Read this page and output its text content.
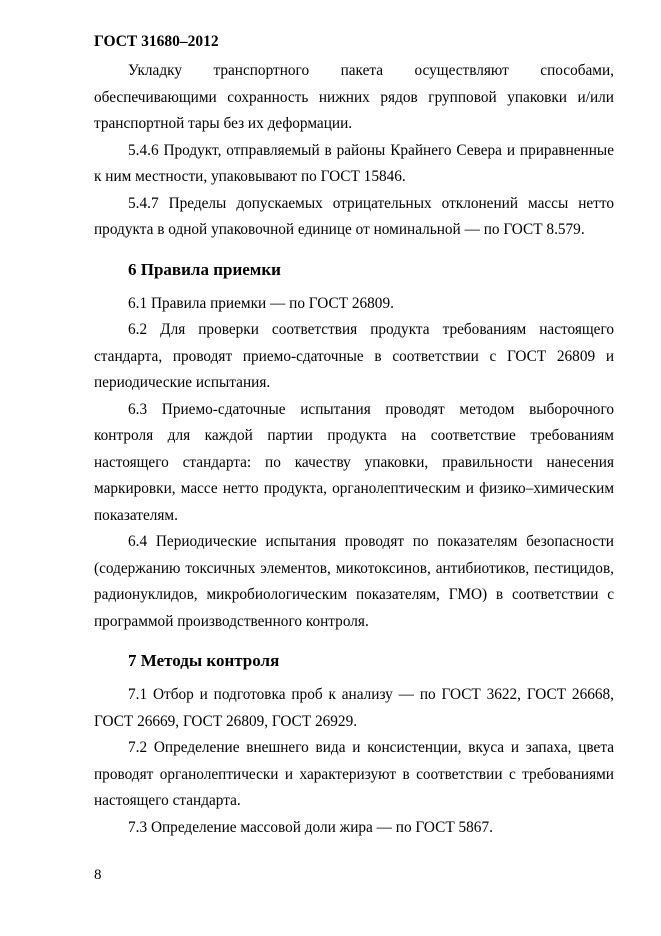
ГОСТ 31680–2012

Укладку транспортного пакета осуществляют способами, обеспечивающими сохранность нижних рядов групповой упаковки и/или транспортной тары без их деформации.

5.4.6 Продукт, отправляемый в районы Крайнего Севера и приравненные к ним местности, упаковывают по ГОСТ 15846.

5.4.7 Пределы допускаемых отрицательных отклонений массы нетто продукта в одной упаковочной единице от номинальной –– по ГОСТ 8.579.

6 Правила приемки

6.1 Правила приемки — по ГОСТ 26809.

6.2 Для проверки соответствия продукта требованиям настоящего стандарта, проводят приемо-сдаточные в соответствии с ГОСТ 26809 и периодические испытания.

6.3 Приемо-сдаточные испытания проводят методом выборочного контроля для каждой партии продукта на соответствие требованиям настоящего стандарта: по качеству упаковки, правильности нанесения маркировки, массе нетто продукта, органолептическим и физико–химическим показателям.

6.4 Периодические испытания проводят по показателям безопасности (содержанию токсичных элементов, микотоксинов, антибиотиков, пестицидов, радионуклидов, микробиологическим показателям, ГМО) в соответствии с программой производственного контроля.

7 Методы контроля

7.1 Отбор и подготовка проб к анализу — по ГОСТ 3622, ГОСТ 26668, ГОСТ 26669, ГОСТ 26809, ГОСТ 26929.

7.2 Определение внешнего вида и консистенции, вкуса и запаха, цвета проводят органолептически и характеризуют в соответствии с требованиями настоящего стандарта.

7.3 Определение массовой доли жира — по ГОСТ 5867.

8
